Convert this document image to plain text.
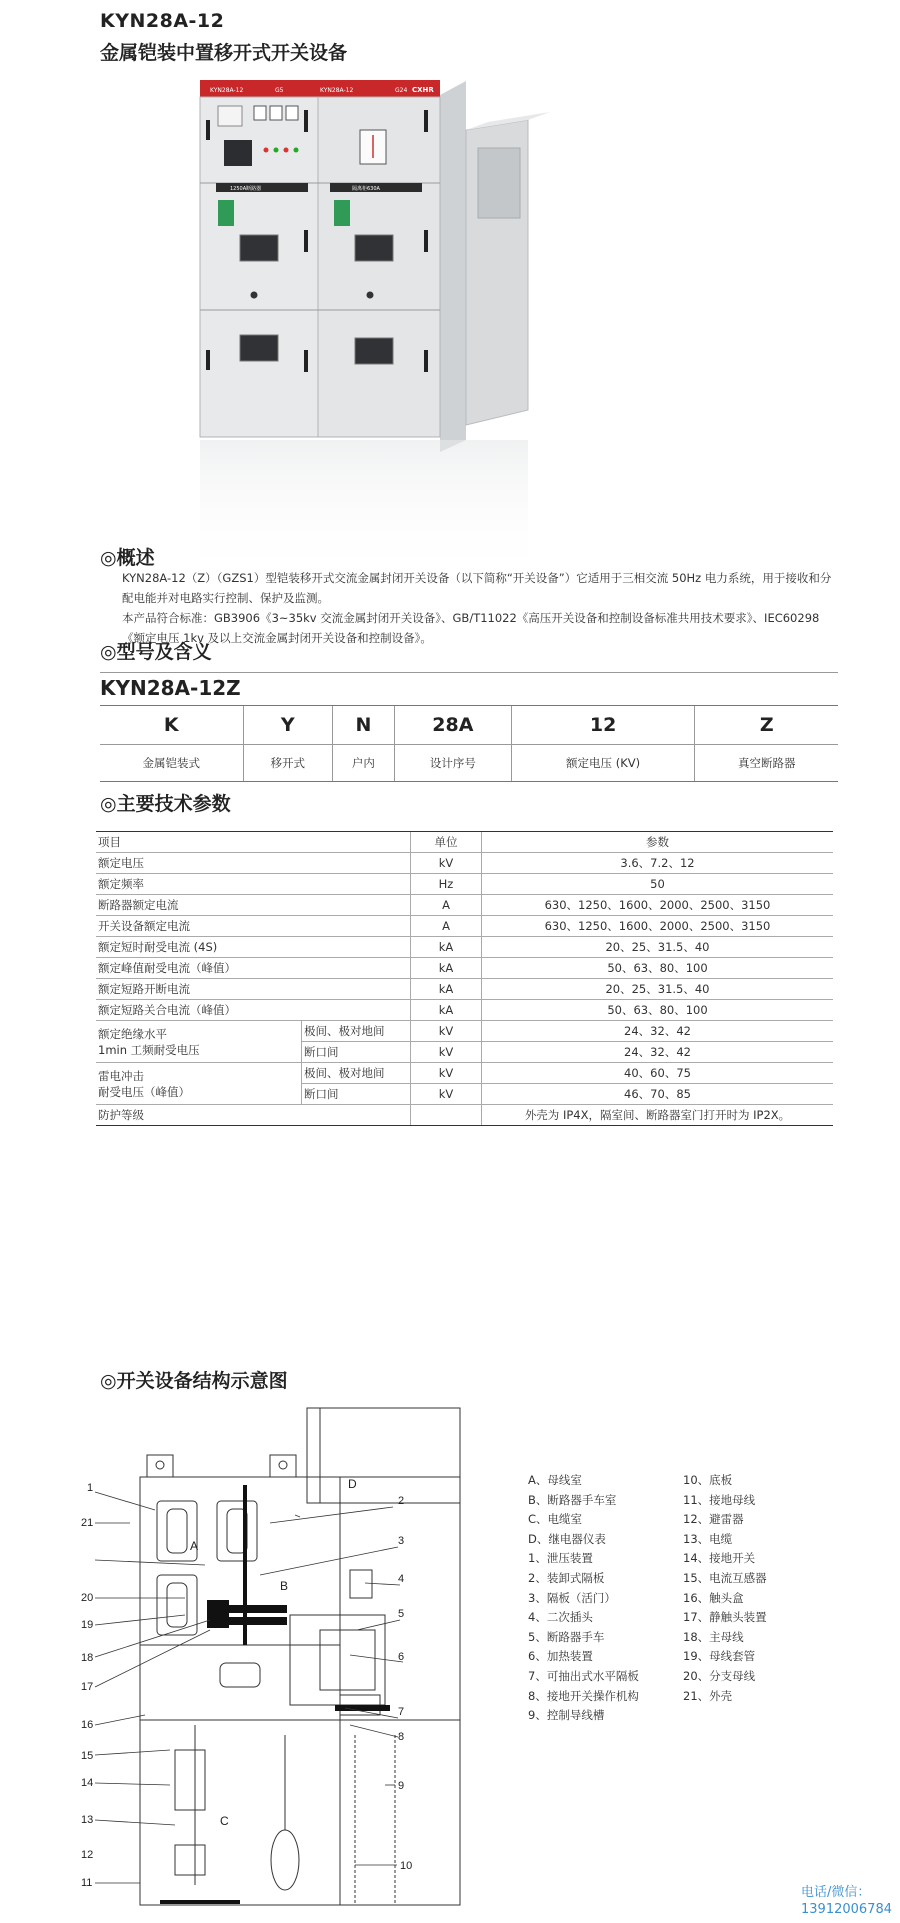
KYN28A-12
金属铠装中置移开式开关设备
KYN28A-12	G5	KYN28A-12	G24 CXHR
1250A断路器	隔离柜630A
◎概述

KYN28A-12（Z）（GZS1）型铠装移开式交流金属封闭开关设备（以下简称“开关设备”）它适用于三相交流 50Hz 电力系统，用于接收和分配电能并对电路实行控制、保护及监测。

本产品符合标准：GB3906《3~35kv 交流金属封闭开关设备》、GB/T11022《高压开关设备和控制设备标准共用技术要求》、IEC60298《额定电压 1kv 及以上交流金属封闭开关设备和控制设备》。

◎型号及含义
KYN28A-12Z
K	Y	N	28A	12	Z
金属铠装式	移开式	户内	设计序号	额定电压 (KV)	真空断路器
◎主要技术参数
项目		单位	参数
额定电压		kV	3.6、7.2、12
额定频率		Hz	50
断路器额定电流		A	630、1250、1600、2000、2500、3150
开关设备额定电流		A	630、1250、1600、2000、2500、3150
额定短时耐受电流 (4S)		kA	20、25、31.5、40
额定峰值耐受电流（峰值）		kA	50、63、80、100
额定短路开断电流		kA	20、25、31.5、40
额定短路关合电流（峰值）		kA	50、63、80、100

额定绝缘水平
1min 工频耐受电压	极间、极对地间	kV	24、32、42
	断口间	kV	24、32、42

雷电冲击
耐受电压（峰值）	极间、极对地间	kV	40、60、75
	断口间	kV	46、70、85
防护等级			外壳为 IP4X，隔室间、断路器室门打开时为 IP2X。
◎开关设备结构示意图
A
B
C
D
1
2
3
4
5
6
7
8
9
10
11
12
13
14
15
16
17
18
19
20
21
A、母线室
B、断路器手车室
C、电缆室
D、继电器仪表
1、泄压装置
2、装卸式隔板
3、隔板（活门）
4、二次插头
5、断路器手车
6、加热装置
7、可抽出式水平隔板
8、接地开关操作机构
9、控制导线槽
10、底板
11、接地母线
12、避雷器
13、电缆
14、接地开关
15、电流互感器
16、触头盒
17、静触头装置
18、主母线
19、母线套管
20、分支母线
21、外壳
电话/微信：
13912006784
